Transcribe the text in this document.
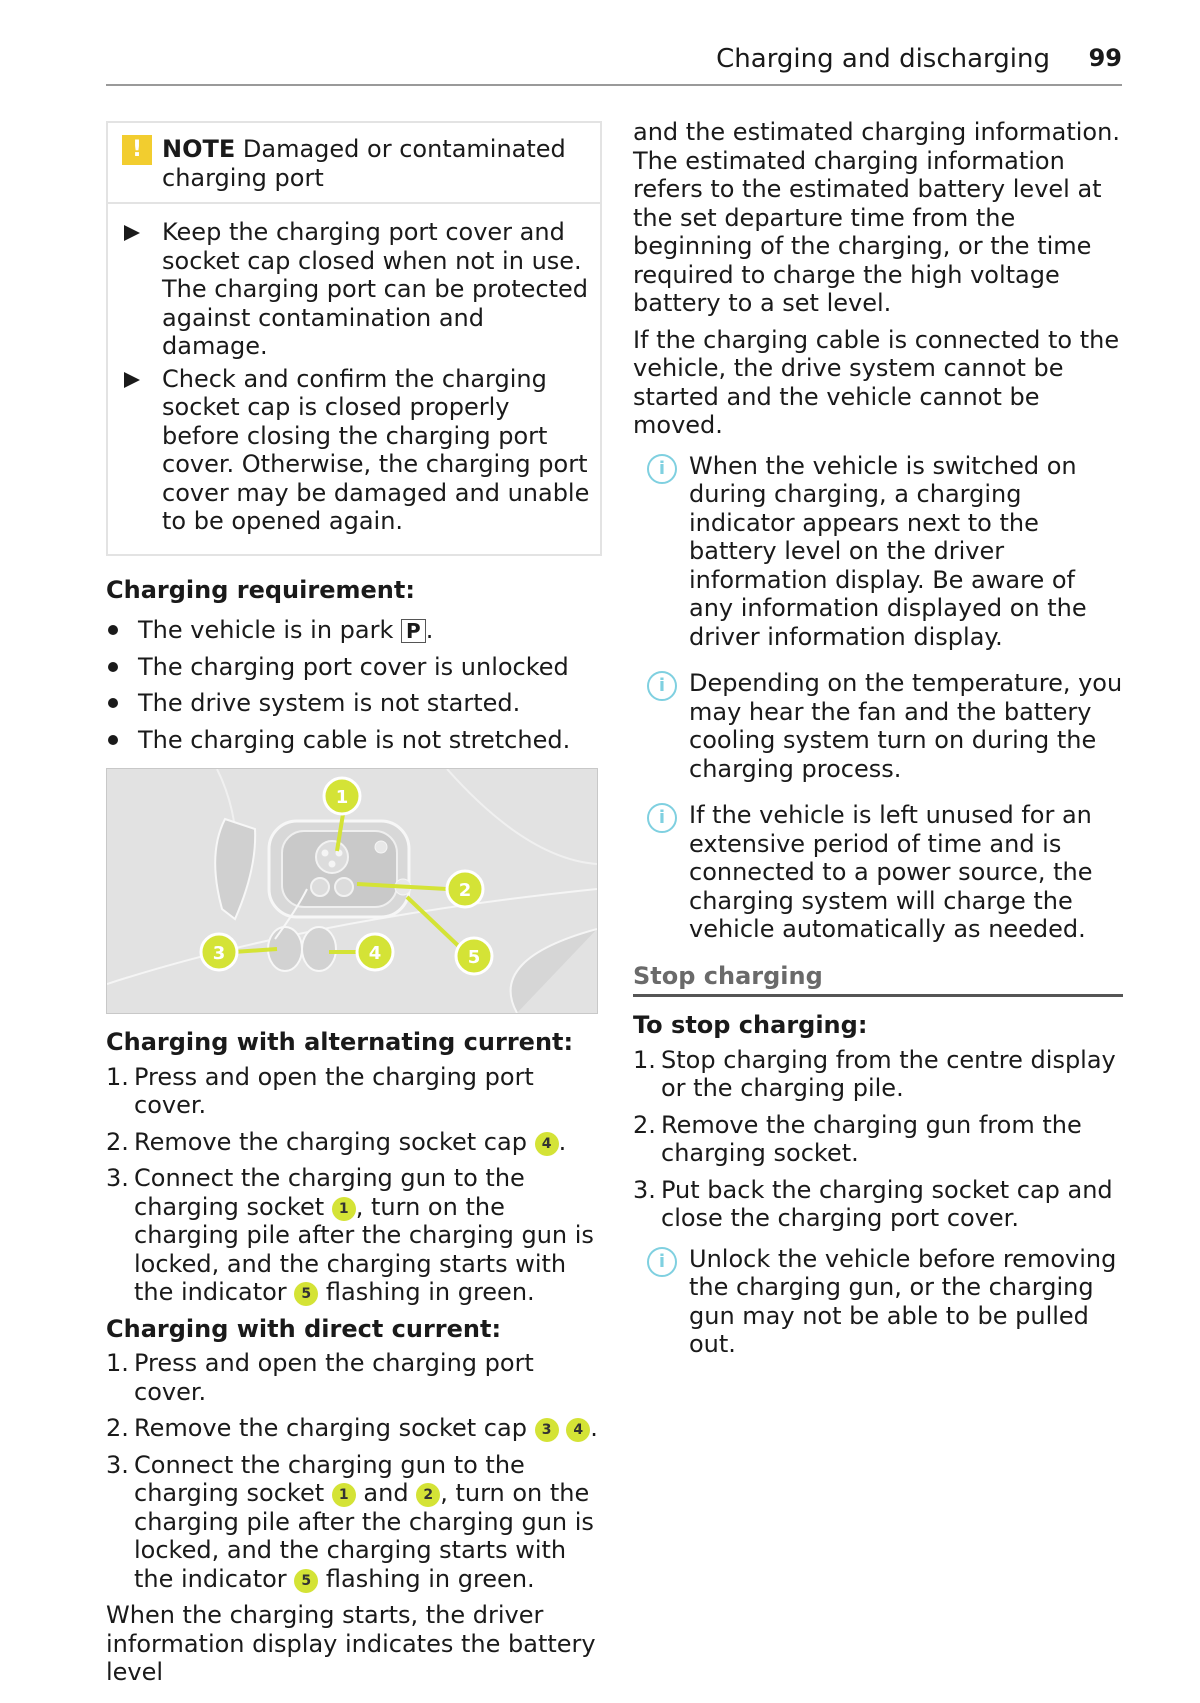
Charging and discharging 99
! NOTE Damaged or contaminated charging port
Keep the charging port cover and socket cap closed when not in use. The charging port can be protected against contamination and damage.
Check and confirm the charging socket cap is closed properly before closing the charging port cover. Otherwise, the charging port cover may be damaged and unable to be opened again.
Charging requirement:
The vehicle is in park P .
The charging port cover is unlocked
The drive system is not started.
The charging cable is not stretched.
1
2
3	4	5
Charging with alternating current:
1. Press and open the charging port cover.
2. Remove the charging socket cap 4 .
3. Connect the charging gun to the charging socket 1 , turn on the charging pile after the charging gun is locked, and the charging starts with the indicator 5 flashing in green.
Charging with direct current:
1. Press and open the charging port cover.
2. Remove the charging socket cap 3 4 .
3. Connect the charging gun to the charging socket 1 and 2 , turn on the charging pile after the charging gun is locked, and the charging starts with the indicator 5 flashing in green.

When the charging starts, the driver information display indicates the battery level

and the estimated charging information. The estimated charging information refers to the estimated battery level at the set departure time from the beginning of the charging, or the time required to charge the high voltage battery to a set level.

If the charging cable is connected to the vehicle, the drive system cannot be started and the vehicle cannot be moved.

i When the vehicle is switched on during charging, a charging indicator appears next to the battery level on the driver information display. Be aware of any information displayed on the driver information display.
i Depending on the temperature, you may hear the fan and the battery cooling system turn on during the charging process.
i If the vehicle is left unused for an extensive period of time and is connected to a power source, the charging system will charge the vehicle automatically as needed.
Stop charging
To stop charging:
1. Stop charging from the centre display or the charging pile.
2. Remove the charging gun from the charging socket.
3. Put back the charging socket cap and close the charging port cover.
i Unlock the vehicle before removing the charging gun, or the charging gun may not be able to be pulled out.
